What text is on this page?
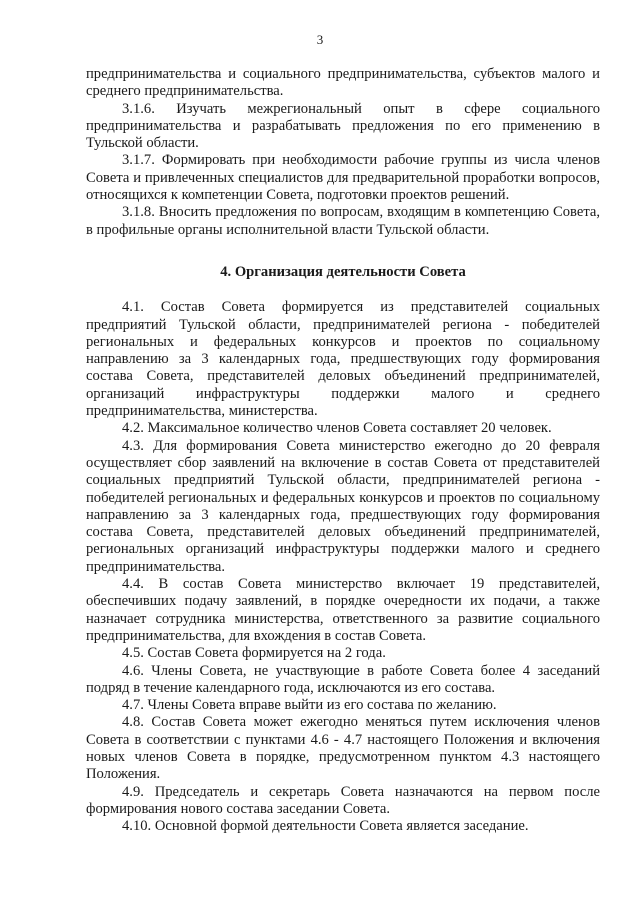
3

предпринимательства и социального предпринимательства, субъектов малого и среднего предпринимательства.

3.1.6. Изучать межрегиональный опыт в сфере социального предпринимательства и разрабатывать предложения по его применению в Тульской области.

3.1.7. Формировать при необходимости рабочие группы из числа членов Совета и привлеченных специалистов для предварительной проработки вопросов, относящихся к компетенции Совета, подготовки проектов решений.

3.1.8. Вносить предложения по вопросам, входящим в компетенцию Совета, в профильные органы исполнительной власти Тульской области.

4. Организация деятельности Совета

4.1. Состав Совета формируется из представителей социальных предприятий Тульской области, предпринимателей региона - победителей региональных и федеральных конкурсов и проектов по социальному направлению за 3 календарных года, предшествующих году формирования состава Совета, представителей деловых объединений предпринимателей, организаций инфраструктуры поддержки малого и среднего предпринимательства, министерства.

4.2. Максимальное количество членов Совета составляет 20 человек.

4.3. Для формирования Совета министерство ежегодно до 20 февраля осуществляет сбор заявлений на включение в состав Совета от представителей социальных предприятий Тульской области, предпринимателей региона - победителей региональных и федеральных конкурсов и проектов по социальному направлению за 3 календарных года, предшествующих году формирования состава Совета, представителей деловых объединений предпринимателей, региональных организаций инфраструктуры поддержки малого и среднего предпринимательства.

4.4. В состав Совета министерство включает 19 представителей, обеспечивших подачу заявлений, в порядке очередности их подачи, а также назначает сотрудника министерства, ответственного за развитие социального предпринимательства, для вхождения в состав Совета.

4.5. Состав Совета формируется на 2 года.

4.6. Члены Совета, не участвующие в работе Совета более 4 заседаний подряд в течение календарного года, исключаются из его состава.

4.7. Члены Совета вправе выйти из его состава по желанию.

4.8. Состав Совета может ежегодно меняться путем исключения членов Совета в соответствии с пунктами 4.6 - 4.7 настоящего Положения и включения новых членов Совета в порядке, предусмотренном пунктом 4.3 настоящего Положения.

4.9. Председатель и секретарь Совета назначаются на первом после формирования нового состава заседании Совета.

4.10. Основной формой деятельности Совета является заседание.
